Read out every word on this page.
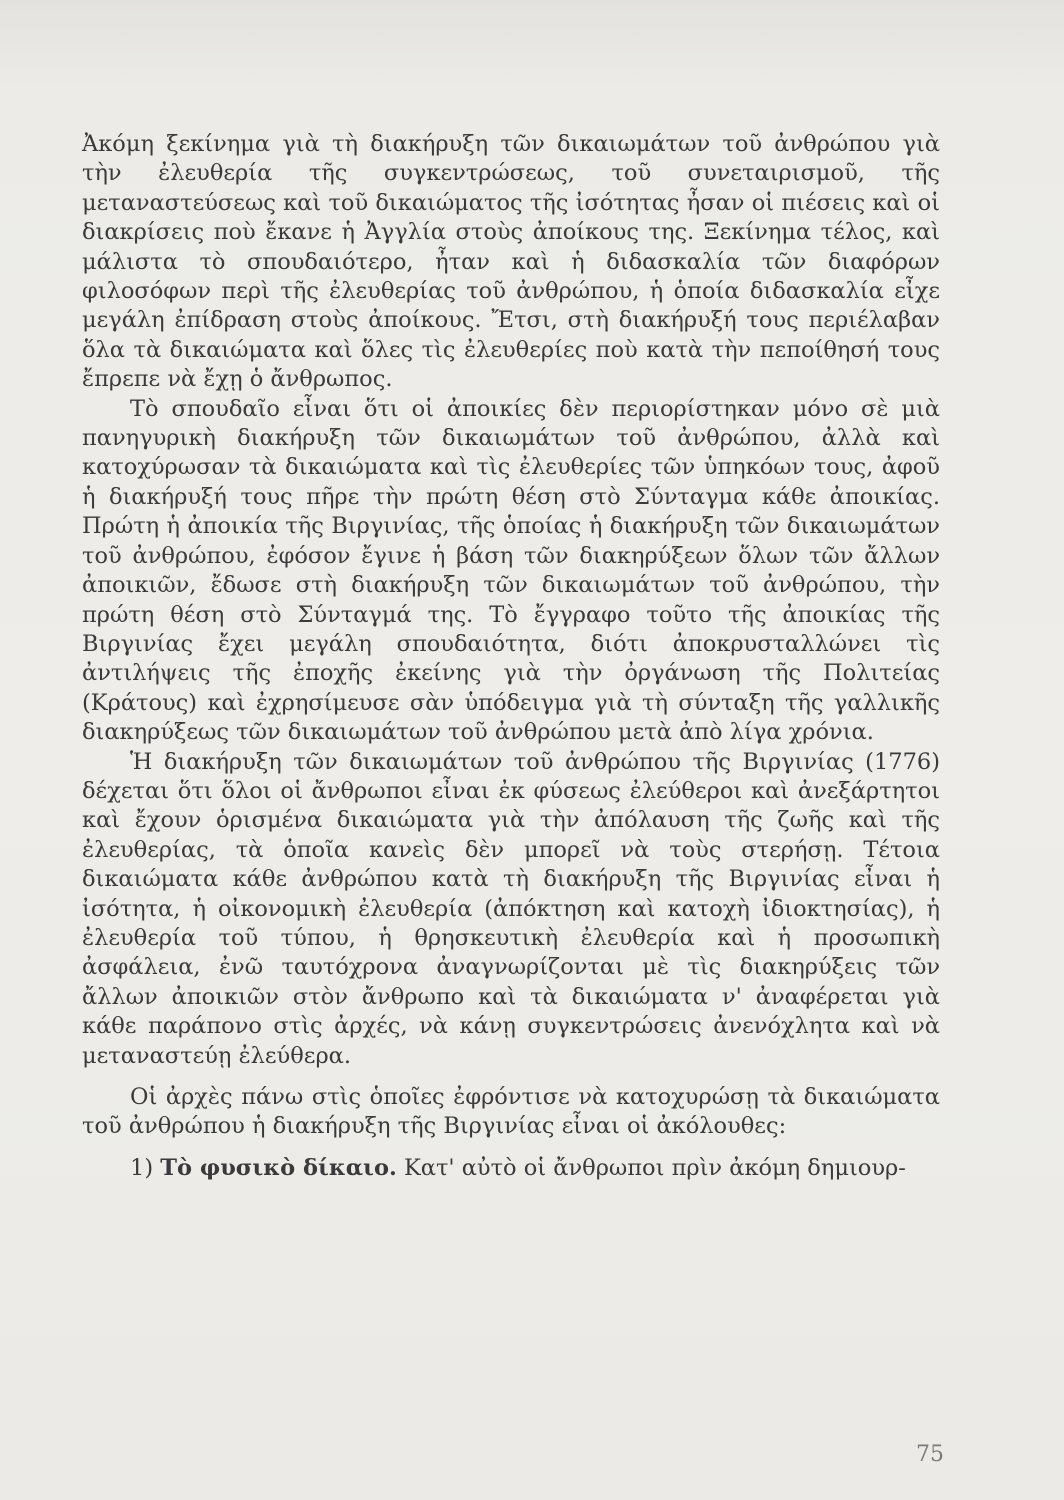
Ἀκόμη ξεκίνημα γιὰ τὴ διακήρυξη τῶν δικαιωμάτων τοῦ ἀνθρώπου γιὰ τὴν ἐλευθερία τῆς συγκεντρώσεως, τοῦ συνεταιρισμοῦ, τῆς μεταναστεύσεως καὶ τοῦ δικαιώματος τῆς ἰσότητας ἦσαν οἱ πιέσεις καὶ οἱ διακρίσεις ποὺ ἔκανε ἡ Ἀγγλία στοὺς ἀποίκους της. Ξεκίνημα τέλος, καὶ μάλιστα τὸ σπουδαιότερο, ἦταν καὶ ἡ διδασκαλία τῶν διαφόρων φιλοσόφων περὶ τῆς ἐλευθερίας τοῦ ἀνθρώπου, ἡ ὁποία διδασκαλία εἶχε μεγάλη ἐπίδραση στοὺς ἀποίκους. Ἔτσι, στὴ διακήρυξή τους περιέλαβαν ὅλα τὰ δικαιώματα καὶ ὅλες τὶς ἐλευθερίες ποὺ κατὰ τὴν πεποίθησή τους ἔπρεπε νὰ ἔχῃ ὁ ἄνθρωπος.

Τὸ σπουδαῖο εἶναι ὅτι οἱ ἀποικίες δὲν περιορίστηκαν μόνο σὲ μιὰ πανηγυρικὴ διακήρυξη τῶν δικαιωμάτων τοῦ ἀνθρώπου, ἀλλὰ καὶ κατοχύρωσαν τὰ δικαιώματα καὶ τὶς ἐλευθερίες τῶν ὑπηκόων τους, ἀφοῦ ἡ διακήρυξή τους πῆρε τὴν πρώτη θέση στὸ Σύνταγμα κάθε ἀποικίας. Πρώτη ἡ ἀποικία τῆς Βιργινίας, τῆς ὁποίας ἡ διακήρυξη τῶν δικαιωμάτων τοῦ ἀνθρώπου, ἐφόσον ἔγινε ἡ βάση τῶν διακηρύξεων ὅλων τῶν ἄλλων ἀποικιῶν, ἔδωσε στὴ διακήρυξη τῶν δικαιωμάτων τοῦ ἀνθρώπου, τὴν πρώτη θέση στὸ Σύνταγμά της. Τὸ ἔγγραφο τοῦτο τῆς ἀποικίας τῆς Βιργινίας ἔχει μεγάλη σπουδαιότητα, διότι ἀποκρυσταλλώνει τὶς ἀντιλήψεις τῆς ἐποχῆς ἐκείνης γιὰ τὴν ὀργάνωση τῆς Πολιτείας (Κράτους) καὶ ἐχρησίμευσε σὰν ὑπόδειγμα γιὰ τὴ σύνταξη τῆς γαλλικῆς διακηρύξεως τῶν δικαιωμάτων τοῦ ἀνθρώπου μετὰ ἀπὸ λίγα χρόνια.

Ἡ διακήρυξη τῶν δικαιωμάτων τοῦ ἀνθρώπου τῆς Βιργινίας (1776) δέχεται ὅτι ὅλοι οἱ ἄνθρωποι εἶναι ἐκ φύσεως ἐλεύθεροι καὶ ἀνεξάρτητοι καὶ ἔχουν ὁρισμένα δικαιώματα γιὰ τὴν ἀπόλαυση τῆς ζωῆς καὶ τῆς ἐλευθερίας, τὰ ὁποῖα κανεὶς δὲν μπορεῖ νὰ τοὺς στερήσῃ. Τέτοια δικαιώματα κάθε ἀνθρώπου κατὰ τὴ διακήρυξη τῆς Βιργινίας εἶναι ἡ ἰσότητα, ἡ οἰκονομικὴ ἐλευθερία (ἀπόκτηση καὶ κατοχὴ ἰδιοκτησίας), ἡ ἐλευθερία τοῦ τύπου, ἡ θρησκευτικὴ ἐλευθερία καὶ ἡ προσωπικὴ ἀσφάλεια, ἐνῶ ταυτόχρονα ἀναγνωρίζονται μὲ τὶς διακηρύξεις τῶν ἄλλων ἀποικιῶν στὸν ἄνθρωπο καὶ τὰ δικαιώματα ν' ἀναφέρεται γιὰ κάθε παράπονο στὶς ἀρχές, νὰ κάνῃ συγκεντρώσεις ἀνενόχλητα καὶ νὰ μεταναστεύῃ ἐλεύθερα.

Οἱ ἀρχὲς πάνω στὶς ὁποῖες ἐφρόντισε νὰ κατοχυρώσῃ τὰ δικαιώματα τοῦ ἀνθρώπου ἡ διακήρυξη τῆς Βιργινίας εἶναι οἱ ἀκόλουθες:

1) Τὸ φυσικὸ δίκαιο. Κατ' αὐτὸ οἱ ἄνθρωποι πρὶν ἀκόμη δημιουρ-

75
